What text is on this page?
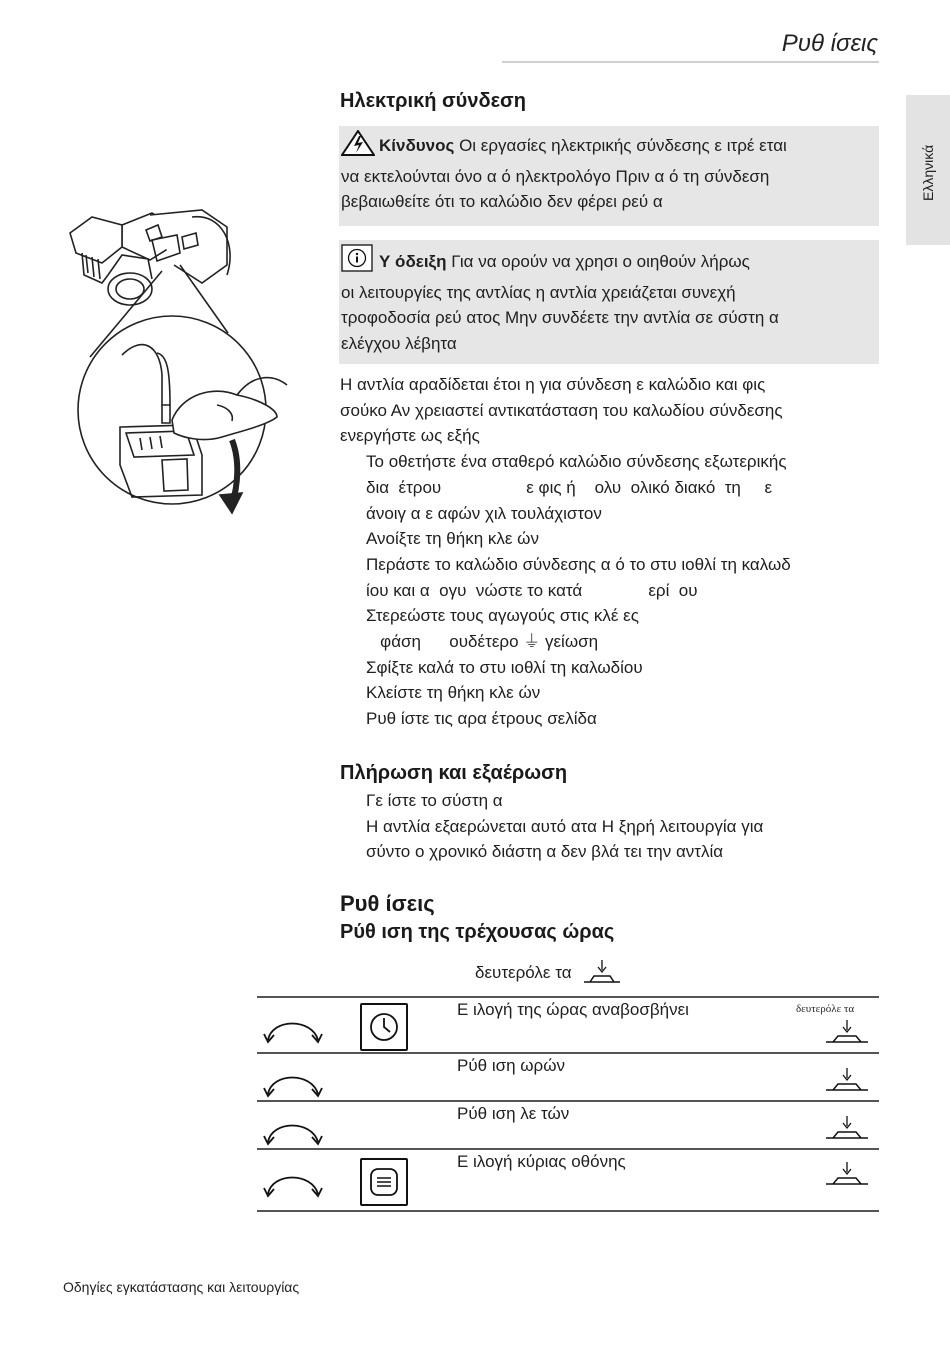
Ρυθ ίσεις
Ελληνικά
Ηλεκτρική σύνδεση
Κίνδυνος Οι εργασίες ηλεκτρικής σύνδεσης ε ιτρέ εται
να εκτελούνται όνο α ό ηλεκτρολόγο Πριν α ό τη σύνδεση
βεβαιωθείτε ότι το καλώδιο δεν φέρει ρεύ α
Υ όδειξη Για να ορούν να χρησι ο οιηθούν λήρως
οι λειτουργίες της αντλίας η αντλία χρειάζεται συνεχή
τροφοδοσία ρεύ ατος Μην συνδέετε την αντλία σε σύστη α
ελέγχου λέβητα
Η αντλία αραδίδεται έτοι η για σύνδεση ε καλώδιο και φις
σούκο Αν χρειαστεί αντικατάσταση του καλωδίου σύνδεσης
ενεργήστε ως εξής
Το οθετήστε ένα σταθερό καλώδιο σύνδεσης εξωτερικής
δια  έτρου                  ε φις ή    ολυ  ολικό διακό  τη     ε
άνοιγ α ε αφών χιλ τουλάχιστον
Ανοίξτε τη θήκη κλε ών
Περάστε το καλώδιο σύνδεσης α ό το στυ ιοθλί τη καλωδ
ίου και α  ογυ  νώστε το κατά              ερί  ου
Στερεώστε τους αγωγούς στις κλέ ες
φάση      ουδέτερο ⏚ γείωση
Σφίξτε καλά το στυ ιοθλί τη καλωδίου
Κλείστε τη θήκη κλε ών
Ρυθ ίστε τις αρα έτρους σελίδα
Πλήρωση και εξαέρωση
Γε ίστε το σύστη α
Η αντλία εξαερώνεται αυτό ατα Η ξηρή λειτουργία για
σύντο ο χρονικό διάστη α δεν βλά τει την αντλία
Ρυθ ίσεις
Ρύθ ιση της τρέχουσας ώρας
δευτερόλε τα
Ε ιλογή της ώρας αναβοσβήνει	δευτερόλε τα
Ρύθ ιση ωρών
Ρύθ ιση λε τών
Ε ιλογή κύριας οθόνης
Οδηγίες εγκατάστασης και λειτουργίας
